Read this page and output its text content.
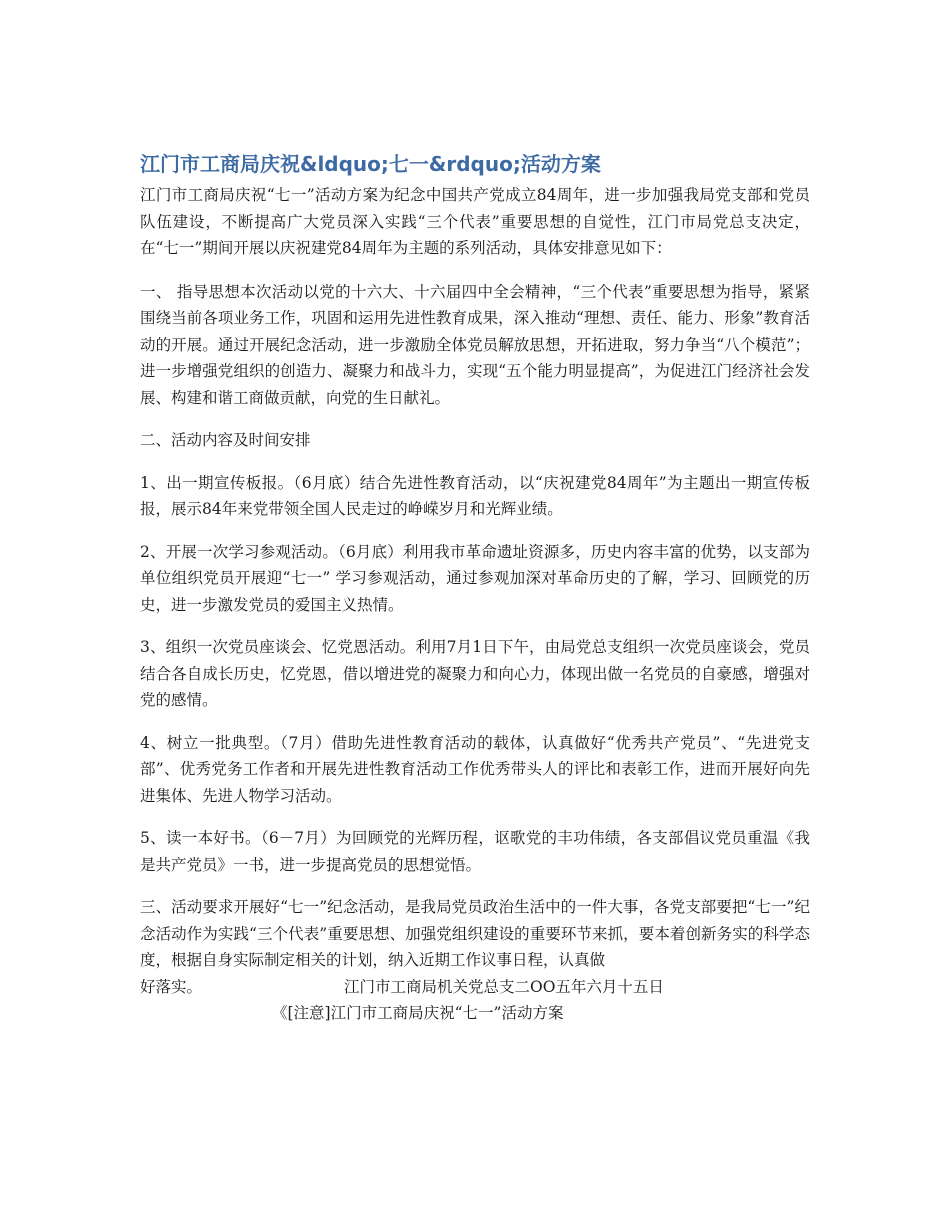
江门市工商局庆祝&ldquo;七一&rdquo;活动方案

江门市工商局庆祝“七一”活动方案为纪念中国共产党成立84周年，进一步加强我局党支部和党员队伍建设，不断提高广大党员深入实践“三个代表”重要思想的自觉性，江门市局党总支决定，在“七一”期间开展以庆祝建党84周年为主题的系列活动，具体安排意见如下：

一、 指导思想本次活动以党的十六大、十六届四中全会精神，“三个代表”重要思想为指导，紧紧围绕当前各项业务工作，巩固和运用先进性教育成果，深入推动“理想、责任、能力、形象”教育活动的开展。通过开展纪念活动，进一步激励全体党员解放思想，开拓进取，努力争当“八个模范”；进一步增强党组织的创造力、凝聚力和战斗力，实现“五个能力明显提高”，为促进江门经济社会发展、构建和谐工商做贡献，向党的生日献礼。

二、活动内容及时间安排

1、出一期宣传板报。（6月底）结合先进性教育活动，以“庆祝建党84周年”为主题出一期宣传板报，展示84年来党带领全国人民走过的峥嵘岁月和光辉业绩。

2、开展一次学习参观活动。（6月底）利用我市革命遗址资源多，历史内容丰富的优势，以支部为单位组织党员开展迎“七一” 学习参观活动，通过参观加深对革命历史的了解，学习、回顾党的历史，进一步激发党员的爱国主义热情。

3、组织一次党员座谈会、忆党恩活动。利用7月1日下午，由局党总支组织一次党员座谈会，党员结合各自成长历史，忆党恩，借以增进党的凝聚力和向心力，体现出做一名党员的自豪感，增强对党的感情。

4、树立一批典型。（7月）借助先进性教育活动的载体，认真做好“优秀共产党员”、“先进党支部”、优秀党务工作者和开展先进性教育活动工作优秀带头人的评比和表彰工作，进而开展好向先进集体、先进人物学习活动。

5、读一本好书。（6－7月）为回顾党的光辉历程，讴歌党的丰功伟绩，各支部倡议党员重温《我是共产党员》一书，进一步提高党员的思想觉悟。

三、活动要求开展好“七一”纪念活动，是我局党员政治生活中的一件大事，各党支部要把“七一”纪念活动作为实践“三个代表”重要思想、加强党组织建设的重要环节来抓，要本着创新务实的科学态度，根据自身实际制定相关的计划，纳入近期工作议事日程，认真做

好落实。	江门市工商局机关党总支二OO五年六月十五日
《[注意]江门市工商局庆祝“七一”活动方案
